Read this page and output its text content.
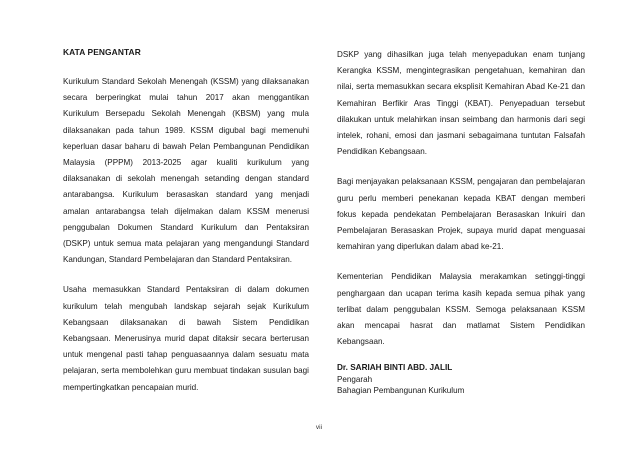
KATA PENGANTAR

Kurikulum Standard Sekolah Menengah (KSSM) yang dilaksanakan secara berperingkat mulai tahun 2017 akan menggantikan Kurikulum Bersepadu Sekolah Menengah (KBSM) yang mula dilaksanakan pada tahun 1989. KSSM digubal bagi memenuhi keperluan dasar baharu di bawah Pelan Pembangunan Pendidikan Malaysia (PPPM) 2013-2025 agar kualiti kurikulum yang dilaksanakan di sekolah menengah setanding dengan standard antarabangsa. Kurikulum berasaskan standard yang menjadi amalan antarabangsa telah dijelmakan dalam KSSM menerusi penggubalan Dokumen Standard Kurikulum dan Pentaksiran (DSKP) untuk semua mata pelajaran yang mengandungi Standard Kandungan, Standard Pembelajaran dan Standard Pentaksiran.

Usaha memasukkan Standard Pentaksiran di dalam dokumen kurikulum telah mengubah landskap sejarah sejak Kurikulum Kebangsaan dilaksanakan di bawah Sistem Pendidikan Kebangsaan. Menerusinya murid dapat ditaksir secara berterusan untuk mengenal pasti tahap penguasaannya dalam sesuatu mata pelajaran, serta membolehkan guru membuat tindakan susulan bagi mempertingkatkan pencapaian murid.

DSKP yang dihasilkan juga telah menyepadukan enam tunjang Kerangka KSSM, mengintegrasikan pengetahuan, kemahiran dan nilai, serta memasukkan secara eksplisit Kemahiran Abad Ke-21 dan Kemahiran Berfikir Aras Tinggi (KBAT). Penyepaduan tersebut dilakukan untuk melahirkan insan seimbang dan harmonis dari segi intelek, rohani, emosi dan jasmani sebagaimana tuntutan Falsafah Pendidikan Kebangsaan.

Bagi menjayakan pelaksanaan KSSM, pengajaran dan pembelajaran guru perlu memberi penekanan kepada KBAT dengan memberi fokus kepada pendekatan Pembelajaran Berasaskan Inkuiri dan Pembelajaran Berasaskan Projek, supaya murid dapat menguasai kemahiran yang diperlukan dalam abad ke-21.

Kementerian Pendidikan Malaysia merakamkan setinggi-tinggi penghargaan dan ucapan terima kasih kepada semua pihak yang terlibat dalam penggubalan KSSM. Semoga pelaksanaan KSSM akan mencapai hasrat dan matlamat Sistem Pendidikan Kebangsaan.

Dr. SARIAH BINTI ABD. JALIL

Pengarah

Bahagian Pembangunan Kurikulum

vii
